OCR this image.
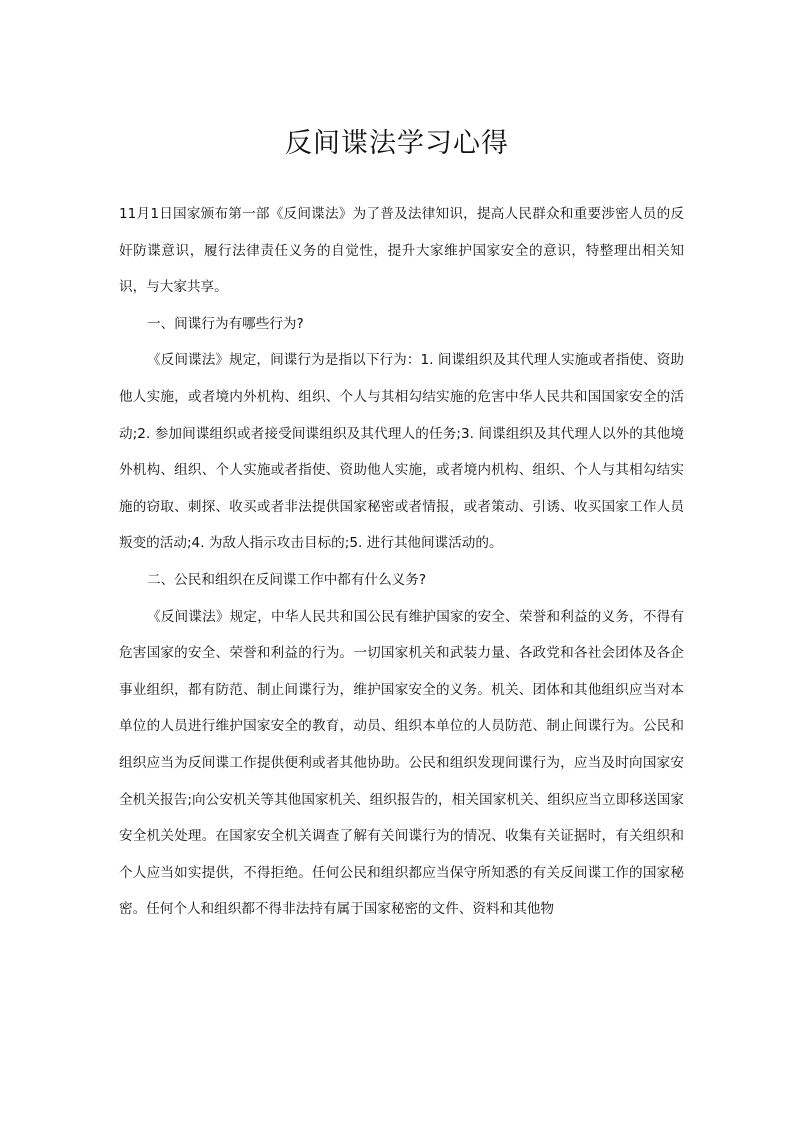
反间谍法学习心得

11月1日国家颁布第一部《反间谍法》为了普及法律知识，提高人民群众和重要涉密人员的反奸防谍意识，履行法律责任义务的自觉性，提升大家维护国家安全的意识，特整理出相关知识，与大家共享。

一、间谍行为有哪些行为?

《反间谍法》规定，间谍行为是指以下行为：1. 间谍组织及其代理人实施或者指使、资助他人实施，或者境内外机构、组织、个人与其相勾结实施的危害中华人民共和国国家安全的活动;2. 参加间谍组织或者接受间谍组织及其代理人的任务;3. 间谍组织及其代理人以外的其他境外机构、组织、个人实施或者指使、资助他人实施，或者境内机构、组织、个人与其相勾结实施的窃取、刺探、收买或者非法提供国家秘密或者情报，或者策动、引诱、收买国家工作人员叛变的活动;4. 为敌人指示攻击目标的;5. 进行其他间谍活动的。

二、公民和组织在反间谍工作中都有什么义务?

《反间谍法》规定，中华人民共和国公民有维护国家的安全、荣誉和利益的义务，不得有危害国家的安全、荣誉和利益的行为。一切国家机关和武装力量、各政党和各社会团体及各企事业组织，都有防范、制止间谍行为，维护国家安全的义务。机关、团体和其他组织应当对本单位的人员进行维护国家安全的教育，动员、组织本单位的人员防范、制止间谍行为。公民和组织应当为反间谍工作提供便利或者其他协助。公民和组织发现间谍行为，应当及时向国家安全机关报告;向公安机关等其他国家机关、组织报告的，相关国家机关、组织应当立即移送国家安全机关处理。在国家安全机关调查了解有关间谍行为的情况、收集有关证据时，有关组织和个人应当如实提供，不得拒绝。任何公民和组织都应当保守所知悉的有关反间谍工作的国家秘密。任何个人和组织都不得非法持有属于国家秘密的文件、资料和其他物
